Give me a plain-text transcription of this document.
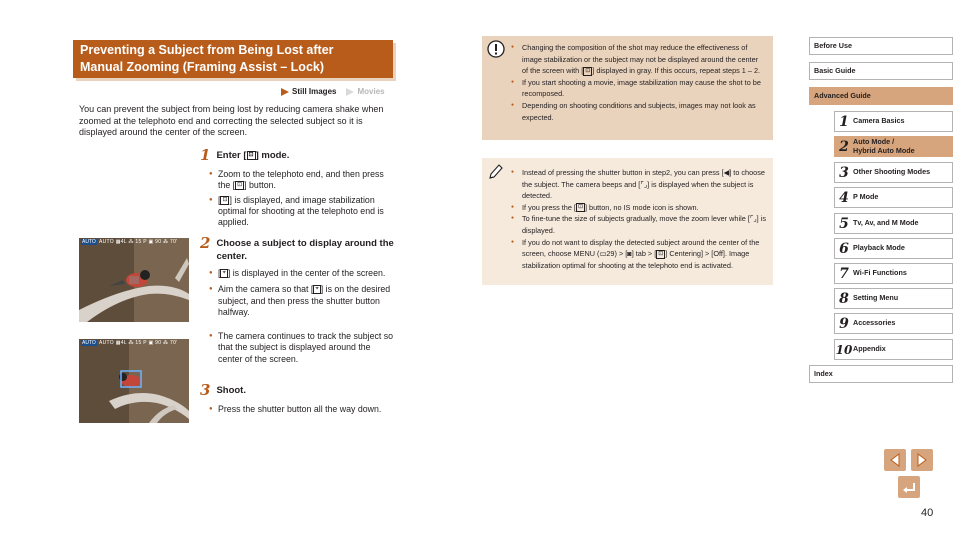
Preventing a Subject from Being Lost after
Manual Zooming (Framing Assist – Lock)
Still Images	Movies
You can prevent the subject from being lost by reducing camera shake when zoomed at the telephoto end and correcting the selected subject so it is displayed around the center of the screen.
1 Enter [ ⊡ ] mode.
● Zoom to the telephoto end, and then press the [ ⊡ ] button.
● [ ⊡ ] is displayed, and image stabilization optimal for shooting at the telephoto end is applied.
AUTO AUTO ▦4L ⁂ 15 P ▣ 90 ⁂ 70'
AUTO AUTO ▦4L ⁂ 15 P ▣ 90 ⁂ 70'
2 Choose a subject to display around the center.
● [ ⌖ ] is displayed in the center of the screen.
● Aim the camera so that [ ⌖ ] is on the desired subject, and then press the shutter button halfway.
● The camera continues to track the subject so that the subject is displayed around the center of the screen.
3 Shoot.
● Press the shutter button all the way down.
● Changing the composition of the shot may reduce the effectiveness of image stabilization or the subject may not be displayed around the center of the screen with [ ⊡ ] displayed in gray. If this occurs, repeat steps 1 – 2.
● If you start shooting a movie, image stabilization may cause the shot to be recomposed.
● Depending on shooting conditions and subjects, images may not look as expected.
● Instead of pressing the shutter button in step2, you can press [◀] to choose the subject. The camera beeps and [⌜⌟] is displayed when the subject is detected.
● If you press the [ ⊡ ] button, no IS mode icon is shown.
● To fine-tune the size of subjects gradually, move the zoom lever while [⌜⌟] is displayed.
● If you do not want to display the detected subject around the center of the screen, choose MENU (▭29) > [◙] tab > [ ⊡ ] Centering] > [Off]. Image stabilization optimal for shooting at the telephoto end is activated.
Before Use
Basic Guide
Advanced Guide
1 Camera Basics
2 Auto Mode /
Hybrid Auto Mode
3 Other Shooting Modes
4 P Mode
5 Tv, Av, and M Mode
6 Playback Mode
7 Wi-Fi Functions
8 Setting Menu
9 Accessories
10 Appendix
Index
40
